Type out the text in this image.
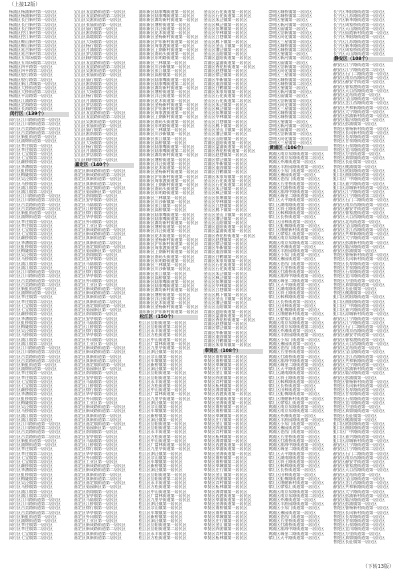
（上接12版）
杨浦区杨浦新村第一居民区
杨浦区杨浦新村第二居民区
杨浦区长白新村第一居民区
杨浦区长白新村第二居民区
杨浦区长白新村第三居民区
杨浦区控江新村第一居民区
杨浦区控江新村第二居民区
杨浦区鞍山新村第一居民区
杨浦区鞍山新村第二居民区
杨浦区延吉新村第一居民区
杨浦区延吉新村第二居民区
杨浦区五角场镇第一居民区
杨浦区五角场镇第二居民区
杨浦区四平路第一居民区
杨浦区四平路第二居民区
杨浦区殷行路第一居民区
杨浦区殷行路第二居民区
杨浦区新江湾城第一居民区
杨浦区大桥街道第一居民区
杨浦区大桥街道第二居民区
杨浦区平凉路第一居民区
杨浦区江浦路第一居民区
杨浦区定海路第一居民区
杨浦区长海路第一居民区
闵行区（139个）
闵行区江川路街道第一居民区
闵行区江川路街道第二居民区
闵行区古美路街道第一居民区
闵行区古美路街道第二居民区
闵行区新虹街道第一居民区
闵行区浦锦街道第一居民区
闵行区莘庄镇第一居民区
闵行区莘庄镇第二居民区
闵行区七宝镇第一居民区
闵行区七宝镇第二居民区
闵行区颛桥镇第一居民区
闵行区华漕镇第一居民区
闵行区虹桥镇第一居民区
闵行区梅陇镇第一居民区
闵行区吴泾镇第一居民区
闵行区马桥镇第一居民区
闵行区浦江镇第一居民区
闵行区浦江镇第二居民区
闵行区江川路街道第一居民区
闵行区江川路街道第二居民区
闵行区古美路街道第一居民区
闵行区古美路街道第二居民区
闵行区新虹街道第一居民区
闵行区浦锦街道第一居民区
闵行区莘庄镇第一居民区
闵行区莘庄镇第二居民区
闵行区七宝镇第一居民区
闵行区七宝镇第二居民区
闵行区颛桥镇第一居民区
闵行区华漕镇第一居民区
闵行区虹桥镇第一居民区
闵行区梅陇镇第一居民区
闵行区吴泾镇第一居民区
闵行区马桥镇第一居民区
闵行区浦江镇第一居民区
闵行区浦江镇第二居民区
闵行区江川路街道第一居民区
闵行区江川路街道第二居民区
闵行区古美路街道第一居民区
闵行区古美路街道第二居民区
闵行区新虹街道第一居民区
闵行区浦锦街道第一居民区
闵行区莘庄镇第一居民区
闵行区莘庄镇第二居民区
闵行区七宝镇第一居民区
闵行区七宝镇第二居民区
闵行区颛桥镇第一居民区
闵行区华漕镇第一居民区
闵行区虹桥镇第一居民区
闵行区梅陇镇第一居民区
闵行区吴泾镇第一居民区
闵行区马桥镇第一居民区
闵行区浦江镇第一居民区
闵行区浦江镇第二居民区
闵行区江川路街道第一居民区
闵行区江川路街道第二居民区
闵行区古美路街道第一居民区
闵行区古美路街道第二居民区
闵行区新虹街道第一居民区
闵行区浦锦街道第一居民区
闵行区莘庄镇第一居民区
闵行区莘庄镇第二居民区
闵行区七宝镇第一居民区
闵行区七宝镇第二居民区
闵行区颛桥镇第一居民区
闵行区华漕镇第一居民区
闵行区虹桥镇第一居民区
闵行区梅陇镇第一居民区
闵行区吴泾镇第一居民区
闵行区马桥镇第一居民区
闵行区浦江镇第一居民区
闵行区浦江镇第二居民区
闵行区江川路街道第一居民区
闵行区江川路街道第二居民区
闵行区古美路街道第一居民区
闵行区古美路街道第二居民区
闵行区新虹街道第一居民区
闵行区浦锦街道第一居民区
闵行区莘庄镇第一居民区
闵行区莘庄镇第二居民区
闵行区七宝镇第一居民区
闵行区七宝镇第二居民区
闵行区颛桥镇第一居民区
闵行区华漕镇第一居民区
闵行区虹桥镇第一居民区
闵行区梅陇镇第一居民区
闵行区吴泾镇第一居民区
闵行区马桥镇第一居民区
闵行区浦江镇第一居民区
闵行区浦江镇第二居民区
闵行区江川路街道第一居民区
闵行区江川路街道第二居民区
闵行区古美路街道第一居民区
闵行区古美路街道第二居民区
闵行区新虹街道第一居民区
闵行区浦锦街道第一居民区
闵行区莘庄镇第一居民区
闵行区莘庄镇第二居民区
闵行区七宝镇第一居民区
闵行区七宝镇第二居民区
宝山区友谊路街道第一居民区
宝山区友谊路街道第二居民区
宝山区吴淞街道第一居民区
宝山区张庙街道第一居民区
宝山区庙行镇第一居民区
宝山区淞南镇第一居民区
宝山区高境镇第一居民区
宝山区大场镇第一居民区
宝山区杨行镇第一居民区
宝山区月浦镇第一居民区
宝山区罗店镇第一居民区
宝山区顾村镇第一居民区
宝山区友谊路街道第一居民区
宝山区友谊路街道第二居民区
宝山区吴淞街道第一居民区
宝山区张庙街道第一居民区
宝山区庙行镇第一居民区
宝山区淞南镇第一居民区
宝山区高境镇第一居民区
宝山区大场镇第一居民区
宝山区杨行镇第一居民区
宝山区月浦镇第一居民区
宝山区罗店镇第一居民区
宝山区顾村镇第一居民区
宝山区友谊路街道第一居民区
宝山区友谊路街道第二居民区
宝山区吴淞街道第一居民区
宝山区张庙街道第一居民区
宝山区庙行镇第一居民区
宝山区淞南镇第一居民区
宝山区高境镇第一居民区
宝山区大场镇第一居民区
宝山区杨行镇第一居民区
宝山区月浦镇第一居民区
宝山区罗店镇第一居民区
宝山区顾村镇第一居民区
嘉定区（140个）
嘉定区新成路街道第一居民区
嘉定区新成路街道第二居民区
嘉定区真新街道第一居民区
嘉定区真新街道第二居民区
嘉定区嘉定镇街道第一居民区
嘉定区菊园新区第一居民区
嘉定区南翔镇第一居民区
嘉定区安亭镇第一居民区
嘉定区马陆镇第一居民区
嘉定区江桥镇第一居民区
嘉定区徐行镇第一居民区
嘉定区华亭镇第一居民区
嘉定区外冈镇第一居民区
嘉定区工业区第一居民区
嘉定区新成路街道第一居民区
嘉定区新成路街道第二居民区
嘉定区真新街道第一居民区
嘉定区真新街道第二居民区
嘉定区嘉定镇街道第一居民区
嘉定区菊园新区第一居民区
嘉定区南翔镇第一居民区
嘉定区安亭镇第一居民区
嘉定区马陆镇第一居民区
嘉定区江桥镇第一居民区
嘉定区徐行镇第一居民区
嘉定区华亭镇第一居民区
嘉定区外冈镇第一居民区
嘉定区工业区第一居民区
嘉定区新成路街道第一居民区
嘉定区新成路街道第二居民区
嘉定区真新街道第一居民区
嘉定区真新街道第二居民区
嘉定区嘉定镇街道第一居民区
嘉定区菊园新区第一居民区
嘉定区南翔镇第一居民区
嘉定区安亭镇第一居民区
嘉定区马陆镇第一居民区
嘉定区江桥镇第一居民区
嘉定区徐行镇第一居民区
嘉定区华亭镇第一居民区
嘉定区外冈镇第一居民区
嘉定区工业区第一居民区
嘉定区新成路街道第一居民区
嘉定区新成路街道第二居民区
嘉定区真新街道第一居民区
嘉定区真新街道第二居民区
嘉定区嘉定镇街道第一居民区
嘉定区菊园新区第一居民区
嘉定区南翔镇第一居民区
嘉定区安亭镇第一居民区
嘉定区马陆镇第一居民区
嘉定区江桥镇第一居民区
嘉定区徐行镇第一居民区
嘉定区华亭镇第一居民区
嘉定区外冈镇第一居民区
嘉定区工业区第一居民区
嘉定区新成路街道第一居民区
嘉定区新成路街道第二居民区
嘉定区真新街道第一居民区
嘉定区真新街道第二居民区
嘉定区嘉定镇街道第一居民区
嘉定区菊园新区第一居民区
嘉定区南翔镇第一居民区
嘉定区安亭镇第一居民区
嘉定区马陆镇第一居民区
嘉定区江桥镇第一居民区
嘉定区徐行镇第一居民区
嘉定区华亭镇第一居民区
嘉定区外冈镇第一居民区
嘉定区工业区第一居民区
嘉定区新成路街道第一居民区
嘉定区新成路街道第二居民区
嘉定区真新街道第一居民区
嘉定区真新街道第二居民区
嘉定区嘉定镇街道第一居民区
嘉定区菊园新区第一居民区
嘉定区南翔镇第一居民区
嘉定区安亭镇第一居民区
嘉定区马陆镇第一居民区
嘉定区江桥镇第一居民区
嘉定区徐行镇第一居民区
嘉定区华亭镇第一居民区
嘉定区外冈镇第一居民区
嘉定区工业区第一居民区
嘉定区新成路街道第一居民区
嘉定区新成路街道第二居民区
嘉定区真新街道第一居民区
嘉定区真新街道第二居民区
浦东新区陆家嘴街道第一居民区
浦东新区陆家嘴街道第二居民区
浦东新区潍坊新村街道第一居民区
浦东新区塘桥街道第一居民区
浦东新区洋泾街道第一居民区
浦东新区花木街道第一居民区
浦东新区金杨新村街道第一居民区
浦东新区沪东新村街道第一居民区
浦东新区周家渡街道第一居民区
浦东新区上钢新村街道第一居民区
浦东新区南码头街道第一居民区
浦东新区东明路街道第一居民区
浦东新区三林镇第一居民区
浦东新区川沙新镇第一居民区
浦东新区张江镇第一居民区
浦东新区高桥镇第一居民区
浦东新区陆家嘴街道第一居民区
浦东新区陆家嘴街道第二居民区
浦东新区潍坊新村街道第一居民区
浦东新区塘桥街道第一居民区
浦东新区洋泾街道第一居民区
浦东新区花木街道第一居民区
浦东新区金杨新村街道第一居民区
浦东新区沪东新村街道第一居民区
浦东新区周家渡街道第一居民区
浦东新区上钢新村街道第一居民区
浦东新区南码头街道第一居民区
浦东新区东明路街道第一居民区
浦东新区三林镇第一居民区
浦东新区川沙新镇第一居民区
浦东新区张江镇第一居民区
浦东新区高桥镇第一居民区
浦东新区陆家嘴街道第一居民区
浦东新区陆家嘴街道第二居民区
浦东新区潍坊新村街道第一居民区
浦东新区塘桥街道第一居民区
浦东新区洋泾街道第一居民区
浦东新区花木街道第一居民区
浦东新区金杨新村街道第一居民区
浦东新区沪东新村街道第一居民区
浦东新区周家渡街道第一居民区
浦东新区上钢新村街道第一居民区
浦东新区南码头街道第一居民区
浦东新区东明路街道第一居民区
浦东新区三林镇第一居民区
浦东新区川沙新镇第一居民区
浦东新区张江镇第一居民区
浦东新区高桥镇第一居民区
浦东新区陆家嘴街道第一居民区
浦东新区陆家嘴街道第二居民区
浦东新区潍坊新村街道第一居民区
浦东新区塘桥街道第一居民区
浦东新区洋泾街道第一居民区
浦东新区花木街道第一居民区
浦东新区金杨新村街道第一居民区
浦东新区沪东新村街道第一居民区
浦东新区周家渡街道第一居民区
浦东新区上钢新村街道第一居民区
浦东新区南码头街道第一居民区
浦东新区东明路街道第一居民区
浦东新区三林镇第一居民区
浦东新区川沙新镇第一居民区
浦东新区张江镇第一居民区
浦东新区高桥镇第一居民区
浦东新区陆家嘴街道第一居民区
浦东新区陆家嘴街道第二居民区
浦东新区潍坊新村街道第一居民区
浦东新区塘桥街道第一居民区
浦东新区洋泾街道第一居民区
浦东新区花木街道第一居民区
浦东新区金杨新村街道第一居民区
浦东新区沪东新村街道第一居民区
松江区（150个）
松江区岳阳街道第一居民区
松江区岳阳街道第二居民区
松江区永丰街道第一居民区
松江区方松街道第一居民区
松江区中山街道第一居民区
松江区广富林街道第一居民区
松江区九里亭街道第一居民区
松江区泗泾镇第一居民区
松江区佘山镇第一居民区
松江区车墩镇第一居民区
松江区新桥镇第一居民区
松江区洞泾镇第一居民区
松江区岳阳街道第一居民区
松江区岳阳街道第二居民区
松江区永丰街道第一居民区
松江区方松街道第一居民区
松江区中山街道第一居民区
松江区广富林街道第一居民区
松江区九里亭街道第一居民区
松江区泗泾镇第一居民区
松江区佘山镇第一居民区
松江区车墩镇第一居民区
松江区新桥镇第一居民区
松江区洞泾镇第一居民区
松江区岳阳街道第一居民区
松江区岳阳街道第二居民区
松江区永丰街道第一居民区
松江区方松街道第一居民区
松江区中山街道第一居民区
松江区广富林街道第一居民区
松江区九里亭街道第一居民区
松江区泗泾镇第一居民区
松江区佘山镇第一居民区
松江区车墩镇第一居民区
松江区新桥镇第一居民区
松江区洞泾镇第一居民区
松江区岳阳街道第一居民区
松江区岳阳街道第二居民区
松江区永丰街道第一居民区
松江区方松街道第一居民区
松江区中山街道第一居民区
松江区广富林街道第一居民区
松江区九里亭街道第一居民区
松江区泗泾镇第一居民区
松江区佘山镇第一居民区
松江区车墩镇第一居民区
松江区新桥镇第一居民区
松江区洞泾镇第一居民区
松江区岳阳街道第一居民区
松江区岳阳街道第二居民区
松江区永丰街道第一居民区
松江区方松街道第一居民区
金山区石化街道第一居民区
金山区石化街道第二居民区
金山区朱泾镇第一居民区
金山区枫泾镇第一居民区
金山区张堰镇第一居民区
金山区亭林镇第一居民区
金山区吕巷镇第一居民区
金山区廊下镇第一居民区
金山区金山卫镇第一居民区
金山区漕泾镇第一居民区
金山区山阳镇第一居民区
青浦区夏阳街道第一居民区
青浦区盈浦街道第一居民区
青浦区香花桥街道第一居民区
青浦区赵巷镇第一居民区
青浦区徐泾镇第一居民区
青浦区华新镇第一居民区
青浦区重固镇第一居民区
青浦区白鹤镇第一居民区
青浦区朱家角镇第一居民区
金山区石化街道第一居民区
金山区石化街道第二居民区
金山区朱泾镇第一居民区
金山区枫泾镇第一居民区
金山区张堰镇第一居民区
金山区亭林镇第一居民区
金山区吕巷镇第一居民区
金山区廊下镇第一居民区
金山区金山卫镇第一居民区
金山区漕泾镇第一居民区
金山区山阳镇第一居民区
青浦区夏阳街道第一居民区
青浦区盈浦街道第一居民区
青浦区香花桥街道第一居民区
青浦区赵巷镇第一居民区
青浦区徐泾镇第一居民区
青浦区华新镇第一居民区
青浦区重固镇第一居民区
青浦区白鹤镇第一居民区
青浦区朱家角镇第一居民区
金山区石化街道第一居民区
金山区石化街道第二居民区
金山区朱泾镇第一居民区
金山区枫泾镇第一居民区
金山区张堰镇第一居民区
金山区亭林镇第一居民区
金山区吕巷镇第一居民区
金山区廊下镇第一居民区
金山区金山卫镇第一居民区
金山区漕泾镇第一居民区
金山区山阳镇第一居民区
青浦区夏阳街道第一居民区
青浦区盈浦街道第一居民区
青浦区香花桥街道第一居民区
青浦区赵巷镇第一居民区
青浦区徐泾镇第一居民区
青浦区华新镇第一居民区
青浦区重固镇第一居民区
青浦区白鹤镇第一居民区
青浦区朱家角镇第一居民区
金山区石化街道第一居民区
金山区石化街道第二居民区
金山区朱泾镇第一居民区
金山区枫泾镇第一居民区
金山区张堰镇第一居民区
金山区亭林镇第一居民区
金山区吕巷镇第一居民区
金山区廊下镇第一居民区
金山区金山卫镇第一居民区
金山区漕泾镇第一居民区
金山区山阳镇第一居民区
青浦区夏阳街道第一居民区
青浦区盈浦街道第一居民区
青浦区香花桥街道第一居民区
青浦区赵巷镇第一居民区
青浦区徐泾镇第一居民区
青浦区华新镇第一居民区
青浦区重固镇第一居民区
青浦区白鹤镇第一居民区
青浦区朱家角镇第一居民区
奉贤区（108个）
奉贤区南桥镇第一居民区
奉贤区南桥镇第二居民区
奉贤区奉城镇第一居民区
奉贤区庄行镇第一居民区
奉贤区金汇镇第一居民区
奉贤区四团镇第一居民区
奉贤区青村镇第一居民区
奉贤区柘林镇第一居民区
奉贤区海湾镇第一居民区
奉贤区西渡街道第一居民区
奉贤区奉浦街道第一居民区
奉贤区金海街道第一居民区
奉贤区南桥镇第一居民区
奉贤区南桥镇第二居民区
奉贤区奉城镇第一居民区
奉贤区庄行镇第一居民区
奉贤区金汇镇第一居民区
奉贤区四团镇第一居民区
奉贤区青村镇第一居民区
奉贤区柘林镇第一居民区
奉贤区海湾镇第一居民区
奉贤区西渡街道第一居民区
奉贤区奉浦街道第一居民区
奉贤区金海街道第一居民区
奉贤区南桥镇第一居民区
奉贤区南桥镇第二居民区
奉贤区奉城镇第一居民区
奉贤区庄行镇第一居民区
奉贤区金汇镇第一居民区
奉贤区四团镇第一居民区
奉贤区青村镇第一居民区
奉贤区柘林镇第一居民区
奉贤区海湾镇第一居民区
奉贤区西渡街道第一居民区
奉贤区奉浦街道第一居民区
奉贤区金海街道第一居民区
奉贤区南桥镇第一居民区
奉贤区南桥镇第二居民区
奉贤区奉城镇第一居民区
奉贤区庄行镇第一居民区
奉贤区金汇镇第一居民区
奉贤区四团镇第一居民区
奉贤区青村镇第一居民区
奉贤区柘林镇第一居民区
崇明区城桥镇第一居民区
崇明区城桥镇第二居民区
崇明区堡镇第一居民区
崇明区新河镇第一居民区
崇明区庙镇第一居民区
崇明区竖新镇第一居民区
崇明区向化镇第一居民区
崇明区三星镇第一居民区
崇明区城桥镇第一居民区
崇明区城桥镇第二居民区
崇明区堡镇第一居民区
崇明区新河镇第一居民区
崇明区庙镇第一居民区
崇明区竖新镇第一居民区
崇明区向化镇第一居民区
崇明区三星镇第一居民区
崇明区城桥镇第一居民区
崇明区城桥镇第二居民区
崇明区堡镇第一居民区
崇明区新河镇第一居民区
崇明区庙镇第一居民区
崇明区竖新镇第一居民区
崇明区向化镇第一居民区
崇明区三星镇第一居民区
崇明区城桥镇第一居民区
崇明区城桥镇第二居民区
崇明区堡镇第一居民区
崇明区新河镇第一居民区
崇明区庙镇第一居民区
崇明区竖新镇第一居民区
崇明区向化镇第一居民区
崇明区三星镇第一居民区
黄浦区（106个）
黄浦区南京东路街道第一居民区
黄浦区南京东路街道第二居民区
黄浦区外滩街道第一居民区
黄浦区半淞园路街道第一居民区
黄浦区小东门街道第一居民区
黄浦区豫园街道第一居民区
黄浦区老西门街道第一居民区
黄浦区五里桥街道第一居民区
黄浦区打浦桥街道第一居民区
黄浦区淮海中路街道第一居民区
黄浦区瑞金二路街道第一居民区
徐汇区天平路街道第一居民区
徐汇区湖南路街道第一居民区
徐汇区斜土路街道第一居民区
徐汇区枫林路街道第一居民区
徐汇区长桥街道第一居民区
徐汇区田林街道第一居民区
徐汇区虹梅路街道第一居民区
徐汇区康健新村街道第一居民区
徐汇区徐家汇街道第一居民区
黄浦区南京东路街道第一居民区
黄浦区南京东路街道第二居民区
黄浦区外滩街道第一居民区
黄浦区半淞园路街道第一居民区
黄浦区小东门街道第一居民区
黄浦区豫园街道第一居民区
黄浦区老西门街道第一居民区
黄浦区五里桥街道第一居民区
黄浦区打浦桥街道第一居民区
黄浦区淮海中路街道第一居民区
黄浦区瑞金二路街道第一居民区
徐汇区天平路街道第一居民区
徐汇区湖南路街道第一居民区
徐汇区斜土路街道第一居民区
徐汇区枫林路街道第一居民区
徐汇区长桥街道第一居民区
徐汇区田林街道第一居民区
徐汇区虹梅路街道第一居民区
徐汇区康健新村街道第一居民区
徐汇区徐家汇街道第一居民区
黄浦区南京东路街道第一居民区
黄浦区南京东路街道第二居民区
黄浦区外滩街道第一居民区
黄浦区半淞园路街道第一居民区
黄浦区小东门街道第一居民区
黄浦区豫园街道第一居民区
黄浦区老西门街道第一居民区
黄浦区五里桥街道第一居民区
黄浦区打浦桥街道第一居民区
黄浦区淮海中路街道第一居民区
黄浦区瑞金二路街道第一居民区
徐汇区天平路街道第一居民区
徐汇区湖南路街道第一居民区
徐汇区斜土路街道第一居民区
徐汇区枫林路街道第一居民区
徐汇区长桥街道第一居民区
徐汇区田林街道第一居民区
徐汇区虹梅路街道第一居民区
徐汇区康健新村街道第一居民区
徐汇区徐家汇街道第一居民区
黄浦区南京东路街道第一居民区
黄浦区南京东路街道第二居民区
黄浦区外滩街道第一居民区
黄浦区半淞园路街道第一居民区
黄浦区小东门街道第一居民区
黄浦区豫园街道第一居民区
黄浦区老西门街道第一居民区
黄浦区五里桥街道第一居民区
黄浦区打浦桥街道第一居民区
黄浦区淮海中路街道第一居民区
黄浦区瑞金二路街道第一居民区
徐汇区天平路街道第一居民区
徐汇区湖南路街道第一居民区
徐汇区斜土路街道第一居民区
徐汇区枫林路街道第一居民区
徐汇区长桥街道第一居民区
徐汇区田林街道第一居民区
徐汇区虹梅路街道第一居民区
徐汇区康健新村街道第一居民区
徐汇区徐家汇街道第一居民区
黄浦区南京东路街道第一居民区
黄浦区南京东路街道第二居民区
黄浦区外滩街道第一居民区
黄浦区半淞园路街道第一居民区
黄浦区小东门街道第一居民区
黄浦区豫园街道第一居民区
黄浦区老西门街道第一居民区
黄浦区五里桥街道第一居民区
黄浦区打浦桥街道第一居民区
黄浦区淮海中路街道第一居民区
黄浦区瑞金二路街道第一居民区
徐汇区天平路街道第一居民区
长宁区华阳路街道第一居民区
长宁区江苏路街道第一居民区
长宁区新华路街道第一居民区
长宁区周家桥街道第一居民区
长宁区天山路街道第一居民区
长宁区仙霞新村街道第一居民区
长宁区华阳路街道第一居民区
长宁区江苏路街道第一居民区
长宁区新华路街道第一居民区
长宁区周家桥街道第一居民区
长宁区天山路街道第一居民区
静安区（108个）
静安区江宁路街道第一居民区
静安区江宁路街道第二居民区
静安区石门二路街道第一居民区
静安区南京西路街道第一居民区
静安区静安寺街道第一居民区
静安区曹家渡街道第一居民区
静安区天目西路街道第一居民区
静安区北站街道第一居民区
静安区宝山路街道第一居民区
静安区芷江西路街道第一居民区
静安区共和新路街道第一居民区
静安区大宁路街道第一居民区
静安区彭浦新村街道第一居民区
静安区临汾路街道第一居民区
静安区彭浦镇第一居民区
普陀区曹杨新村街道第一居民区
普陀区长风新村街道第一居民区
普陀区长寿路街道第一居民区
普陀区甘泉路街道第一居民区
普陀区石泉路街道第一居民区
普陀区宜川路街道第一居民区
普陀区万里街道第一居民区
普陀区真如镇街道第一居民区
普陀区长征镇第一居民区
普陀区桃浦镇第一居民区
虹口区欧阳路街道第一居民区
虹口区曲阳路街道第一居民区
虹口区广中路街道第一居民区
虹口区嘉兴路街道第一居民区
虹口区凉城新村街道第一居民区
静安区江宁路街道第一居民区
静安区江宁路街道第二居民区
静安区石门二路街道第一居民区
静安区南京西路街道第一居民区
静安区静安寺街道第一居民区
静安区曹家渡街道第一居民区
静安区天目西路街道第一居民区
静安区北站街道第一居民区
静安区宝山路街道第一居民区
静安区芷江西路街道第一居民区
静安区共和新路街道第一居民区
静安区大宁路街道第一居民区
静安区彭浦新村街道第一居民区
静安区临汾路街道第一居民区
静安区彭浦镇第一居民区
普陀区曹杨新村街道第一居民区
普陀区长风新村街道第一居民区
普陀区长寿路街道第一居民区
普陀区甘泉路街道第一居民区
普陀区石泉路街道第一居民区
普陀区宜川路街道第一居民区
普陀区万里街道第一居民区
普陀区真如镇街道第一居民区
普陀区长征镇第一居民区
普陀区桃浦镇第一居民区
虹口区欧阳路街道第一居民区
虹口区曲阳路街道第一居民区
虹口区广中路街道第一居民区
虹口区嘉兴路街道第一居民区
虹口区凉城新村街道第一居民区
静安区江宁路街道第一居民区
静安区江宁路街道第二居民区
静安区石门二路街道第一居民区
静安区南京西路街道第一居民区
静安区静安寺街道第一居民区
静安区曹家渡街道第一居民区
静安区天目西路街道第一居民区
静安区北站街道第一居民区
静安区宝山路街道第一居民区
静安区芷江西路街道第一居民区
静安区共和新路街道第一居民区
静安区大宁路街道第一居民区
静安区彭浦新村街道第一居民区
静安区临汾路街道第一居民区
静安区彭浦镇第一居民区
普陀区曹杨新村街道第一居民区
普陀区长风新村街道第一居民区
普陀区长寿路街道第一居民区
普陀区甘泉路街道第一居民区
普陀区石泉路街道第一居民区
普陀区宜川路街道第一居民区
普陀区万里街道第一居民区
普陀区真如镇街道第一居民区
普陀区长征镇第一居民区
普陀区桃浦镇第一居民区
虹口区欧阳路街道第一居民区
虹口区曲阳路街道第一居民区
虹口区广中路街道第一居民区
虹口区嘉兴路街道第一居民区
虹口区凉城新村街道第一居民区
静安区江宁路街道第一居民区
静安区江宁路街道第二居民区
静安区石门二路街道第一居民区
静安区南京西路街道第一居民区
静安区静安寺街道第一居民区
静安区曹家渡街道第一居民区
静安区天目西路街道第一居民区
静安区北站街道第一居民区
静安区宝山路街道第一居民区
静安区芷江西路街道第一居民区
静安区共和新路街道第一居民区
静安区大宁路街道第一居民区
静安区彭浦新村街道第一居民区
静安区临汾路街道第一居民区
静安区彭浦镇第一居民区
普陀区曹杨新村街道第一居民区
普陀区长风新村街道第一居民区
普陀区长寿路街道第一居民区
普陀区甘泉路街道第一居民区
普陀区石泉路街道第一居民区
普陀区宜川路街道第一居民区
普陀区万里街道第一居民区
普陀区真如镇街道第一居民区
普陀区长征镇第一居民区
（下转13版）
